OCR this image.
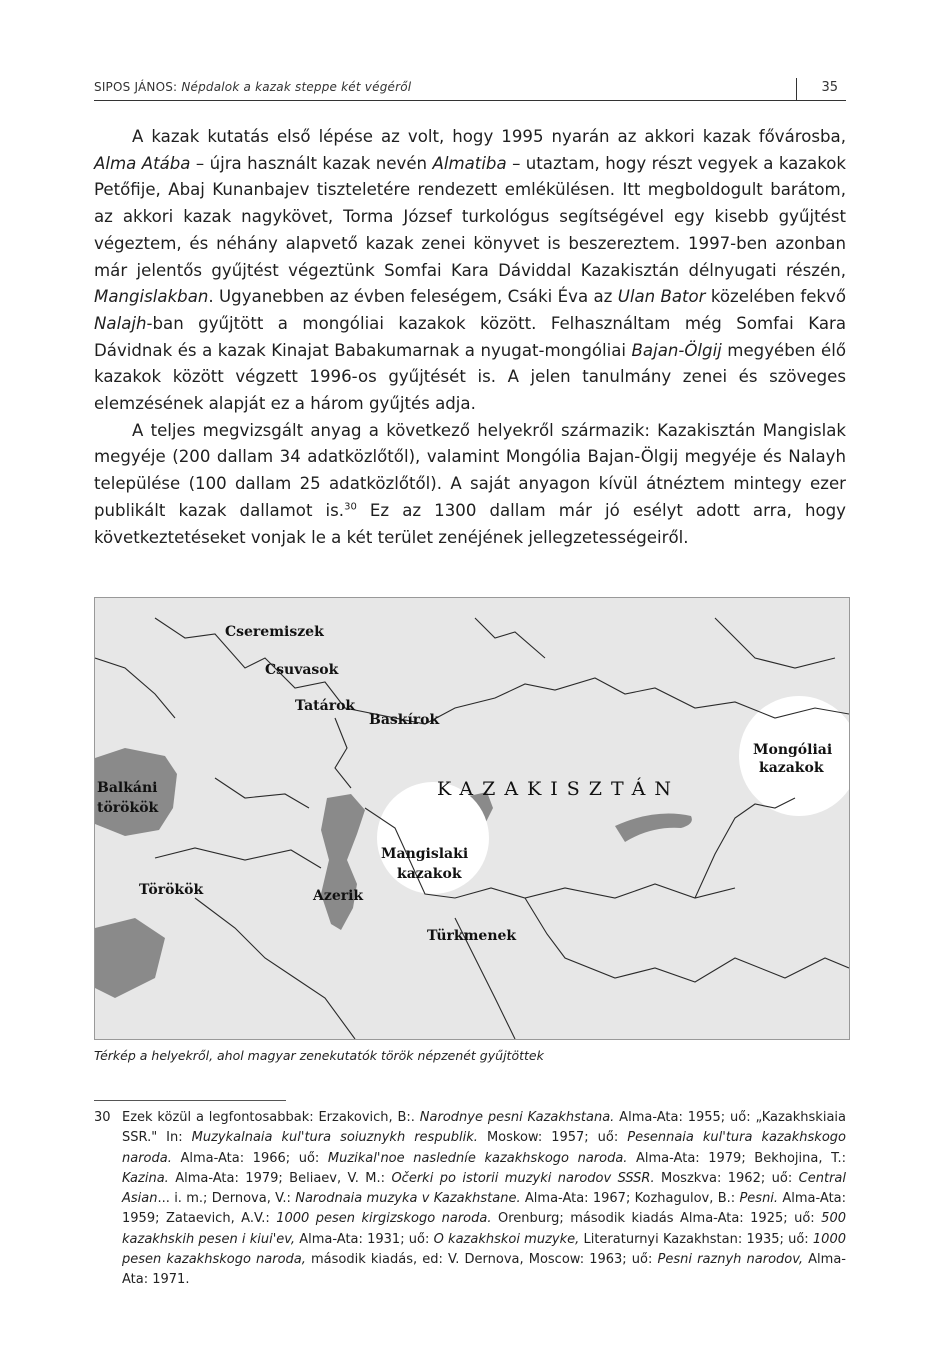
SIPOS JÁNOS: Népdalok a kazak steppe két végéről	35

A kazak kutatás első lépése az volt, hogy 1995 nyarán az akkori kazak fővárosba, Alma Atába – újra használt kazak nevén Almatiba – utaztam, hogy részt vegyek a kazakok Petőfije, Abaj Kunanbajev tiszteletére rendezett emlékülésen. Itt megboldogult barátom, az akkori kazak nagykövet, Torma József turkológus segítségével egy kisebb gyűjtést végeztem, és néhány alapvető kazak zenei könyvet is beszereztem. 1997-ben azonban már jelentős gyűjtést végeztünk Somfai Kara Dáviddal Kazakisztán délnyugati részén, Mangislakban. Ugyanebben az évben feleségem, Csáki Éva az Ulan Bator közelében fekvő Nalajh-ban gyűjtött a mongóliai kazakok között. Felhasználtam még Somfai Kara Dávidnak és a kazak Kinajat Babakumarnak a nyugat-mongóliai Bajan-Ölgij megyében élő kazakok között végzett 1996-os gyűjtését is. A jelen tanulmány zenei és szöveges elemzésének alapját ez a három gyűjtés adja.

A teljes megvizsgált anyag a következő helyekről származik: Kazakisztán Mangislak megyéje (200 dallam 34 adatközlőtől), valamint Mongólia Bajan-Ölgij megyéje és Nalayh települése (100 dallam 25 adatközlőtől). A saját anyagon kívül átnéztem mintegy ezer publikált kazak dallamot is.$^{30}$ Ez az 1300 dallam már jó esélyt adott arra, hogy következtetéseket vonjak le a két terület zenéjének jellegzetességeiről.

Cseremiszek
Csuvasok
Tatárok
Baskírok
KAZAKISZTÁN
Mongóliai
kazakok
Balkáni
törökök
Mangislaki
kazakok
Törökök	Azerik
Türkmenek
Térkép a helyekről, ahol magyar zenekutatók török népzenét gyűjtöttek
30 Ezek közül a legfontosabbak: Erzakovich, B:. Narodnye pesni Kazakhstana. Alma-Ata: 1955; uő: „Kazakhskiaia SSR." In: Muzykalnaia kul'tura soiuznykh respublik. Moskow: 1957; uő: Pesennaia kul'tura kazakhskogo naroda. Alma-Ata: 1966; uő: Muzikal'noe nasledníe kazakhskogo naroda. Alma-Ata: 1979; Bekhojina, T.: Kazina. Alma-Ata: 1979; Beliaev, V. M.: Očerki po istorii muzyki narodov SSSR. Moszkva: 1962; uő: Central Asian... i. m.; Dernova, V.: Narodnaia muzyka v Kazakhstane. Alma-Ata: 1967; Kozhagulov, B.: Pesni. Alma-Ata: 1959; Zataevich, A.V.: 1000 pesen kirgizskogo naroda. Orenburg; második kiadás Alma-Ata: 1925; uő: 500 kazakhskih pesen i kiui'ev, Alma-Ata: 1931; uő: O kazakhskoi muzyke, Literaturnyi Kazakhstan: 1935; uő: 1000 pesen kazakhskogo naroda, második kiadás, ed: V. Dernova, Moscow: 1963; uő: Pesni raznyh narodov, Alma-Ata: 1971.
